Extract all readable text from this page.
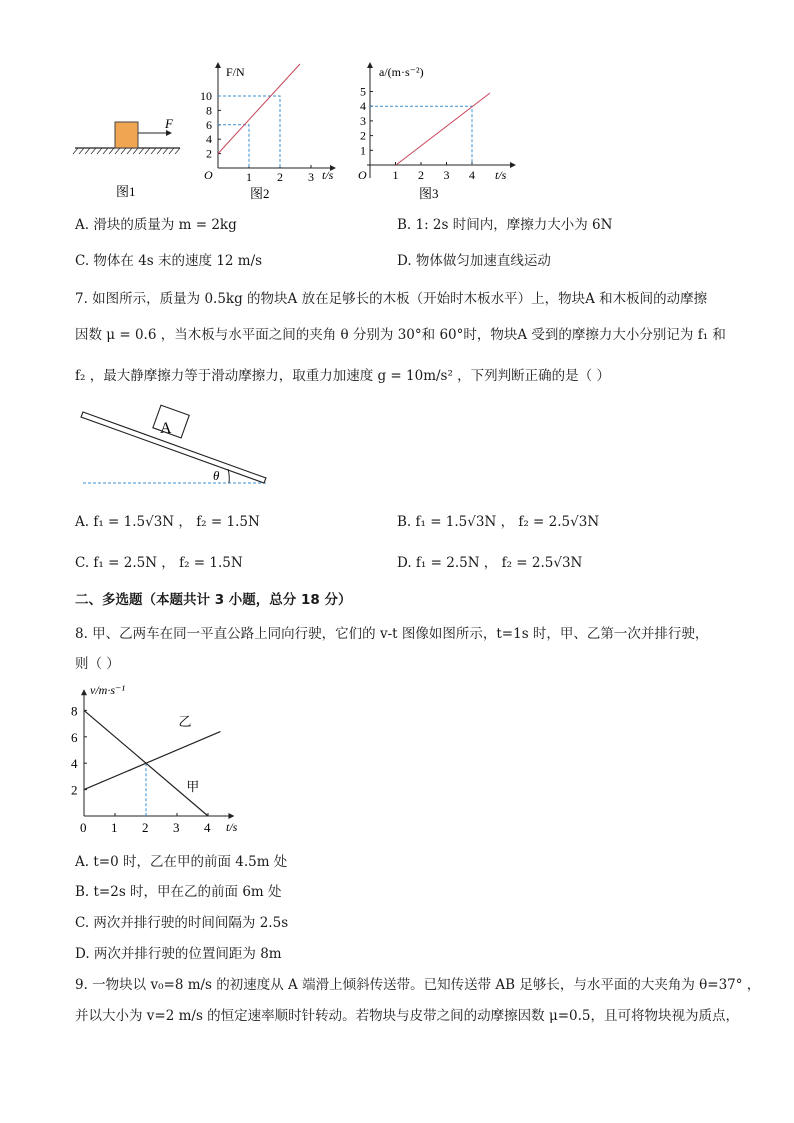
F
图1
F/N
t/s
O
2
4
6
8
10
1 2 3
图2
a/(m·s⁻²)
t/s
O
1
2
3
4
5
1 2 3 4
图3
A. 滑块的质量为 m = 2kg	B. 1: 2s 时间内，摩擦力大小为 6N
C. 物体在 4s 末的速度 12 m/s	D. 物体做匀加速直线运动
7. 如图所示，质量为 0.5kg 的物块A 放在足够长的木板（开始时木板水平）上，物块A 和木板间的动摩擦
因数 μ = 0.6 ，当木板与水平面之间的夹角 θ 分别为 30°和 60°时，物块A 受到的摩擦力大小分别记为 f₁ 和
f₂ ，最大静摩擦力等于滑动摩擦力，取重力加速度 g = 10m/s² ，下列判断正确的是（ ）
A
θ
A. f₁ = 1.5√3N ， f₂ = 1.5N	B. f₁ = 1.5√3N ， f₂ = 2.5√3N
C. f₁ = 2.5N ， f₂ = 1.5N	D. f₁ = 2.5N ， f₂ = 2.5√3N
二、多选题（本题共计 3 小题，总分 18 分）
8. 甲、乙两车在同一平直公路上同向行驶，它们的 v-t 图像如图所示，t=1s 时，甲、乙第一次并排行驶，
则（ ）
v/m·s⁻¹
t/s
0 1 2 3 4
2
4
6
8
甲
乙
A. t=0 时，乙在甲的前面 4.5m 处
B. t=2s 时，甲在乙的前面 6m 处
C. 两次并排行驶的时间间隔为 2.5s
D. 两次并排行驶的位置间距为 8m
9. 一物块以 v₀=8 m/s 的初速度从 A 端滑上倾斜传送带。已知传送带 AB 足够长，与水平面的大夹角为 θ=37° ，
并以大小为 v=2 m/s 的恒定速率顺时针转动。若物块与皮带之间的动摩擦因数 μ=0.5，且可将物块视为质点，
